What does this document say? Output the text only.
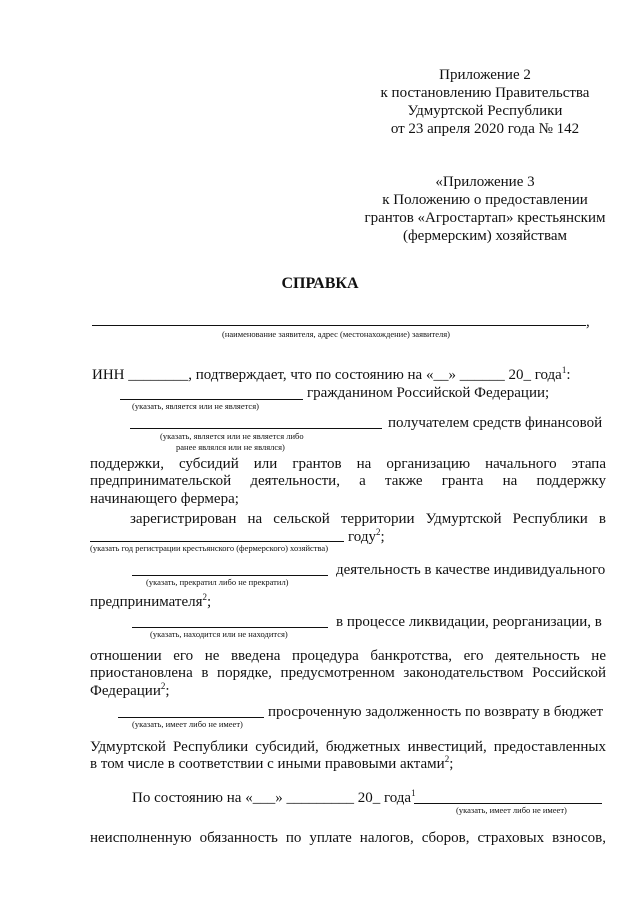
Приложение 2
к постановлению Правительства
Удмуртской Республики
от 23 апреля 2020 года № 142
«Приложение 3
к Положению о предоставлении
грантов «Агростартап» крестьянским
(фермерским) хозяйствам
СПРАВКА
,
(наименование заявителя, адрес (местонахождение) заявителя)
ИНН ________, подтверждает, что по состоянию на «__» ______ 20_ года$^1$:
гражданином Российской Федерации;
(указать, является или не является)
получателем средств финансовой
(указать, является или не является либо
ранее являлся или не являлся)
поддержки, субсидий или грантов на организацию начального этапа предпринимательской деятельности, а также гранта на поддержку
начинающего фермера;
зарегистрирован на сельской территории Удмуртской Республики в
году$^2$;
(указать год регистрации крестьянского (фермерского) хозяйства)
деятельность в качестве индивидуального
(указать, прекратил либо не прекратил)
предпринимателя$^2$;
в процессе ликвидации, реорганизации, в
(указать, находится или не находится)
отношении его не введена процедура банкротства, его деятельность не приостановлена в порядке, предусмотренном законодательством Российской
Федерации$^2$;
просроченную задолженность по возврату в бюджет
(указать, имеет либо не имеет)
Удмуртской Республики субсидий, бюджетных инвестиций, предоставленных
в том числе в соответствии с иными правовыми актами$^2$;
По состоянию на «___» _________ 20_ года$^1$
(указать, имеет либо не имеет)
неисполненную обязанность по уплате налогов, сборов, страховых взносов,
